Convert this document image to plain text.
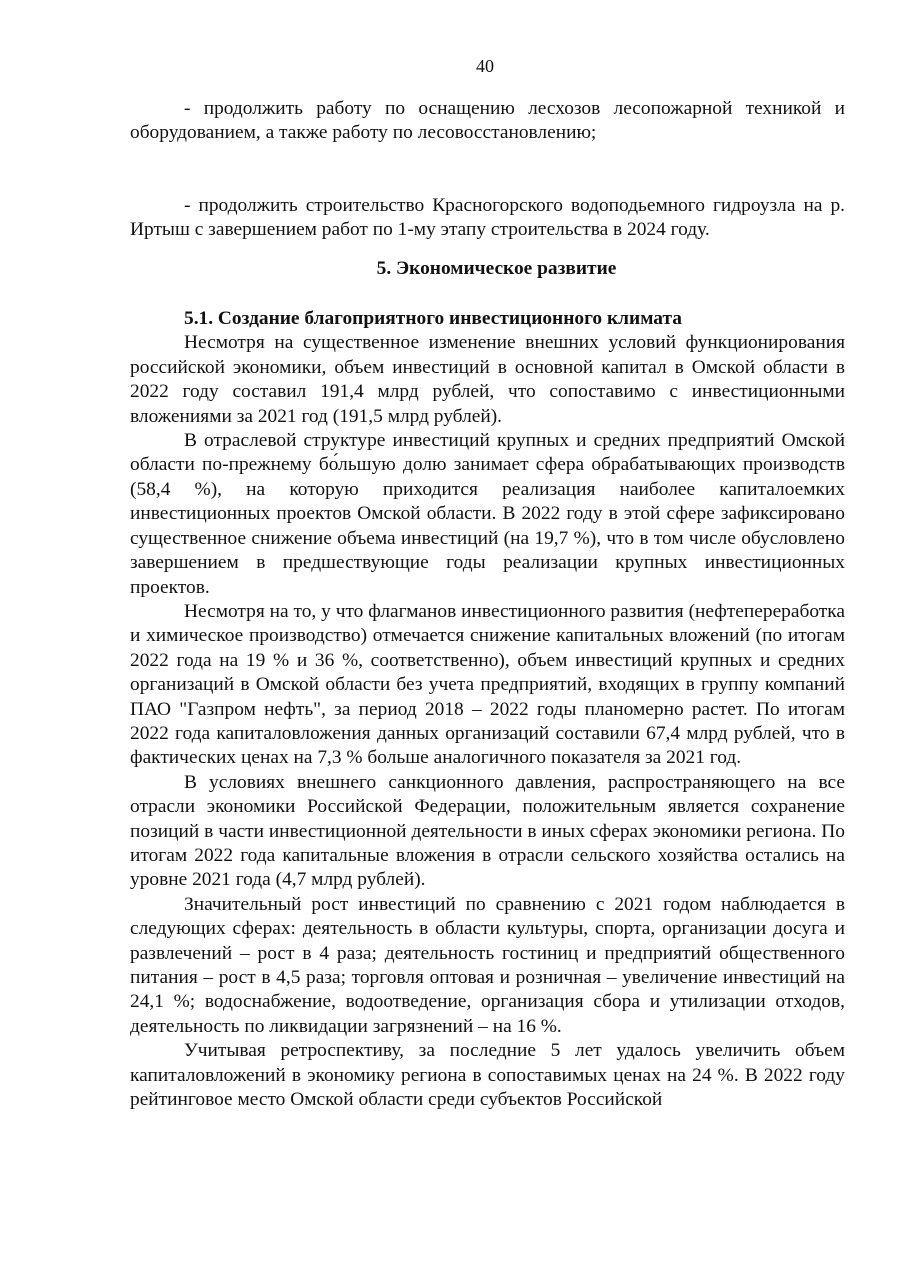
40

- продолжить работу по оснащению лесхозов лесопожарной техникой и оборудованием, а также работу по лесовосстановлению;

- продолжить строительство Красногорского водоподьемного гидроузла на р. Иртыш с завершением работ по 1-му этапу строительства в 2024 году.

5. Экономическое развитие

5.1. Создание благоприятного инвестиционного климата

Несмотря на существенное изменение внешних условий функционирования российской экономики, объем инвестиций в основной капитал в Омской области в 2022 году составил 191,4 млрд рублей, что сопоставимо с инвестиционными вложениями за 2021 год (191,5 млрд рублей).

В отраслевой структуре инвестиций крупных и средних предприятий Омской области по-прежнему бо́льшую долю занимает сфера обрабатывающих производств (58,4 %), на которую приходится реализация наиболее капиталоемких инвестиционных проектов Омской области. В 2022 году в этой сфере зафиксировано существенное снижение объема инвестиций (на 19,7 %), что в том числе обусловлено завершением в предшествующие годы реализации крупных инвестиционных проектов.

Несмотря на то, у что флагманов инвестиционного развития (нефтепереработка и химическое производство) отмечается снижение капитальных вложений (по итогам 2022 года на 19 % и 36 %, соответственно), объем инвестиций крупных и средних организаций в Омской области без учета предприятий, входящих в группу компаний ПАО "Газпром нефть", за период 2018 – 2022 годы планомерно растет. По итогам 2022 года капиталовложения данных организаций составили 67,4 млрд рублей, что в фактических ценах на 7,3 % больше аналогичного показателя за 2021 год.

В условиях внешнего санкционного давления, распространяющего на все отрасли экономики Российской Федерации, положительным является сохранение позиций в части инвестиционной деятельности в иных сферах экономики региона. По итогам 2022 года капитальные вложения в отрасли сельского хозяйства остались на уровне 2021 года (4,7 млрд рублей).

Значительный рост инвестиций по сравнению с 2021 годом наблюдается в следующих сферах: деятельность в области культуры, спорта, организации досуга и развлечений – рост в 4 раза; деятельность гостиниц и предприятий общественного питания – рост в 4,5 раза; торговля оптовая и розничная – увеличение инвестиций на 24,1 %; водоснабжение, водоотведение, организация сбора и утилизации отходов, деятельность по ликвидации загрязнений – на 16 %.

Учитывая ретроспективу, за последние 5 лет удалось увеличить объем капиталовложений в экономику региона в сопоставимых ценах на 24 %. В 2022 году рейтинговое место Омской области среди субъектов Российской
